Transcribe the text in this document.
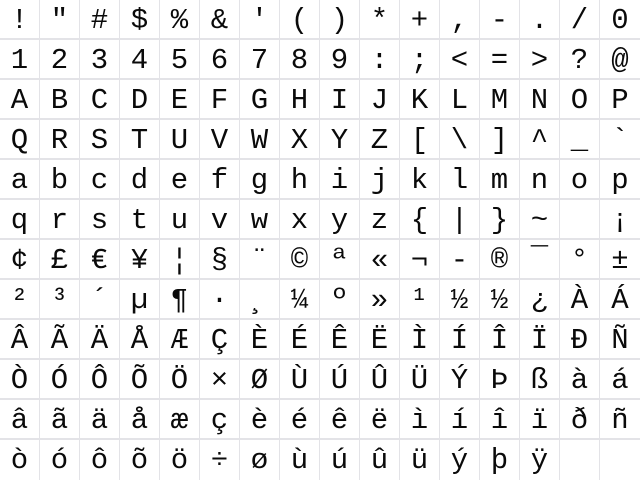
! " # $ % & ' ( ) * + , - . / 0
1 2 3 4 5 6 7 8 9 : ; < = > ? @
A B C D E F G H I J K L M N O P
Q R S T U V W X Y Z [ \ ] ^ _ `
a b c d e f g h i j k l m n o p
q r s t u v w x y z { | } ~	¡
¢ £ € ¥ ¦ § ¨ © ª « ¬ - ® ¯ ° ±
² ³ ´ µ ¶ · ¸ ¼ º » ¹ ½ ½ ¿ À Á
Â Ã Ä Å Æ Ç È É Ê Ë Ì Í Î Ï Ð Ñ
Ò Ó Ô Õ Ö × Ø Ù Ú Û Ü Ý Þ ß à á
â ã ä å æ ç è é ê ë ì í î ï ð ñ
ò ó ô õ ö ÷ ø ù ú û ü ý þ ÿ
